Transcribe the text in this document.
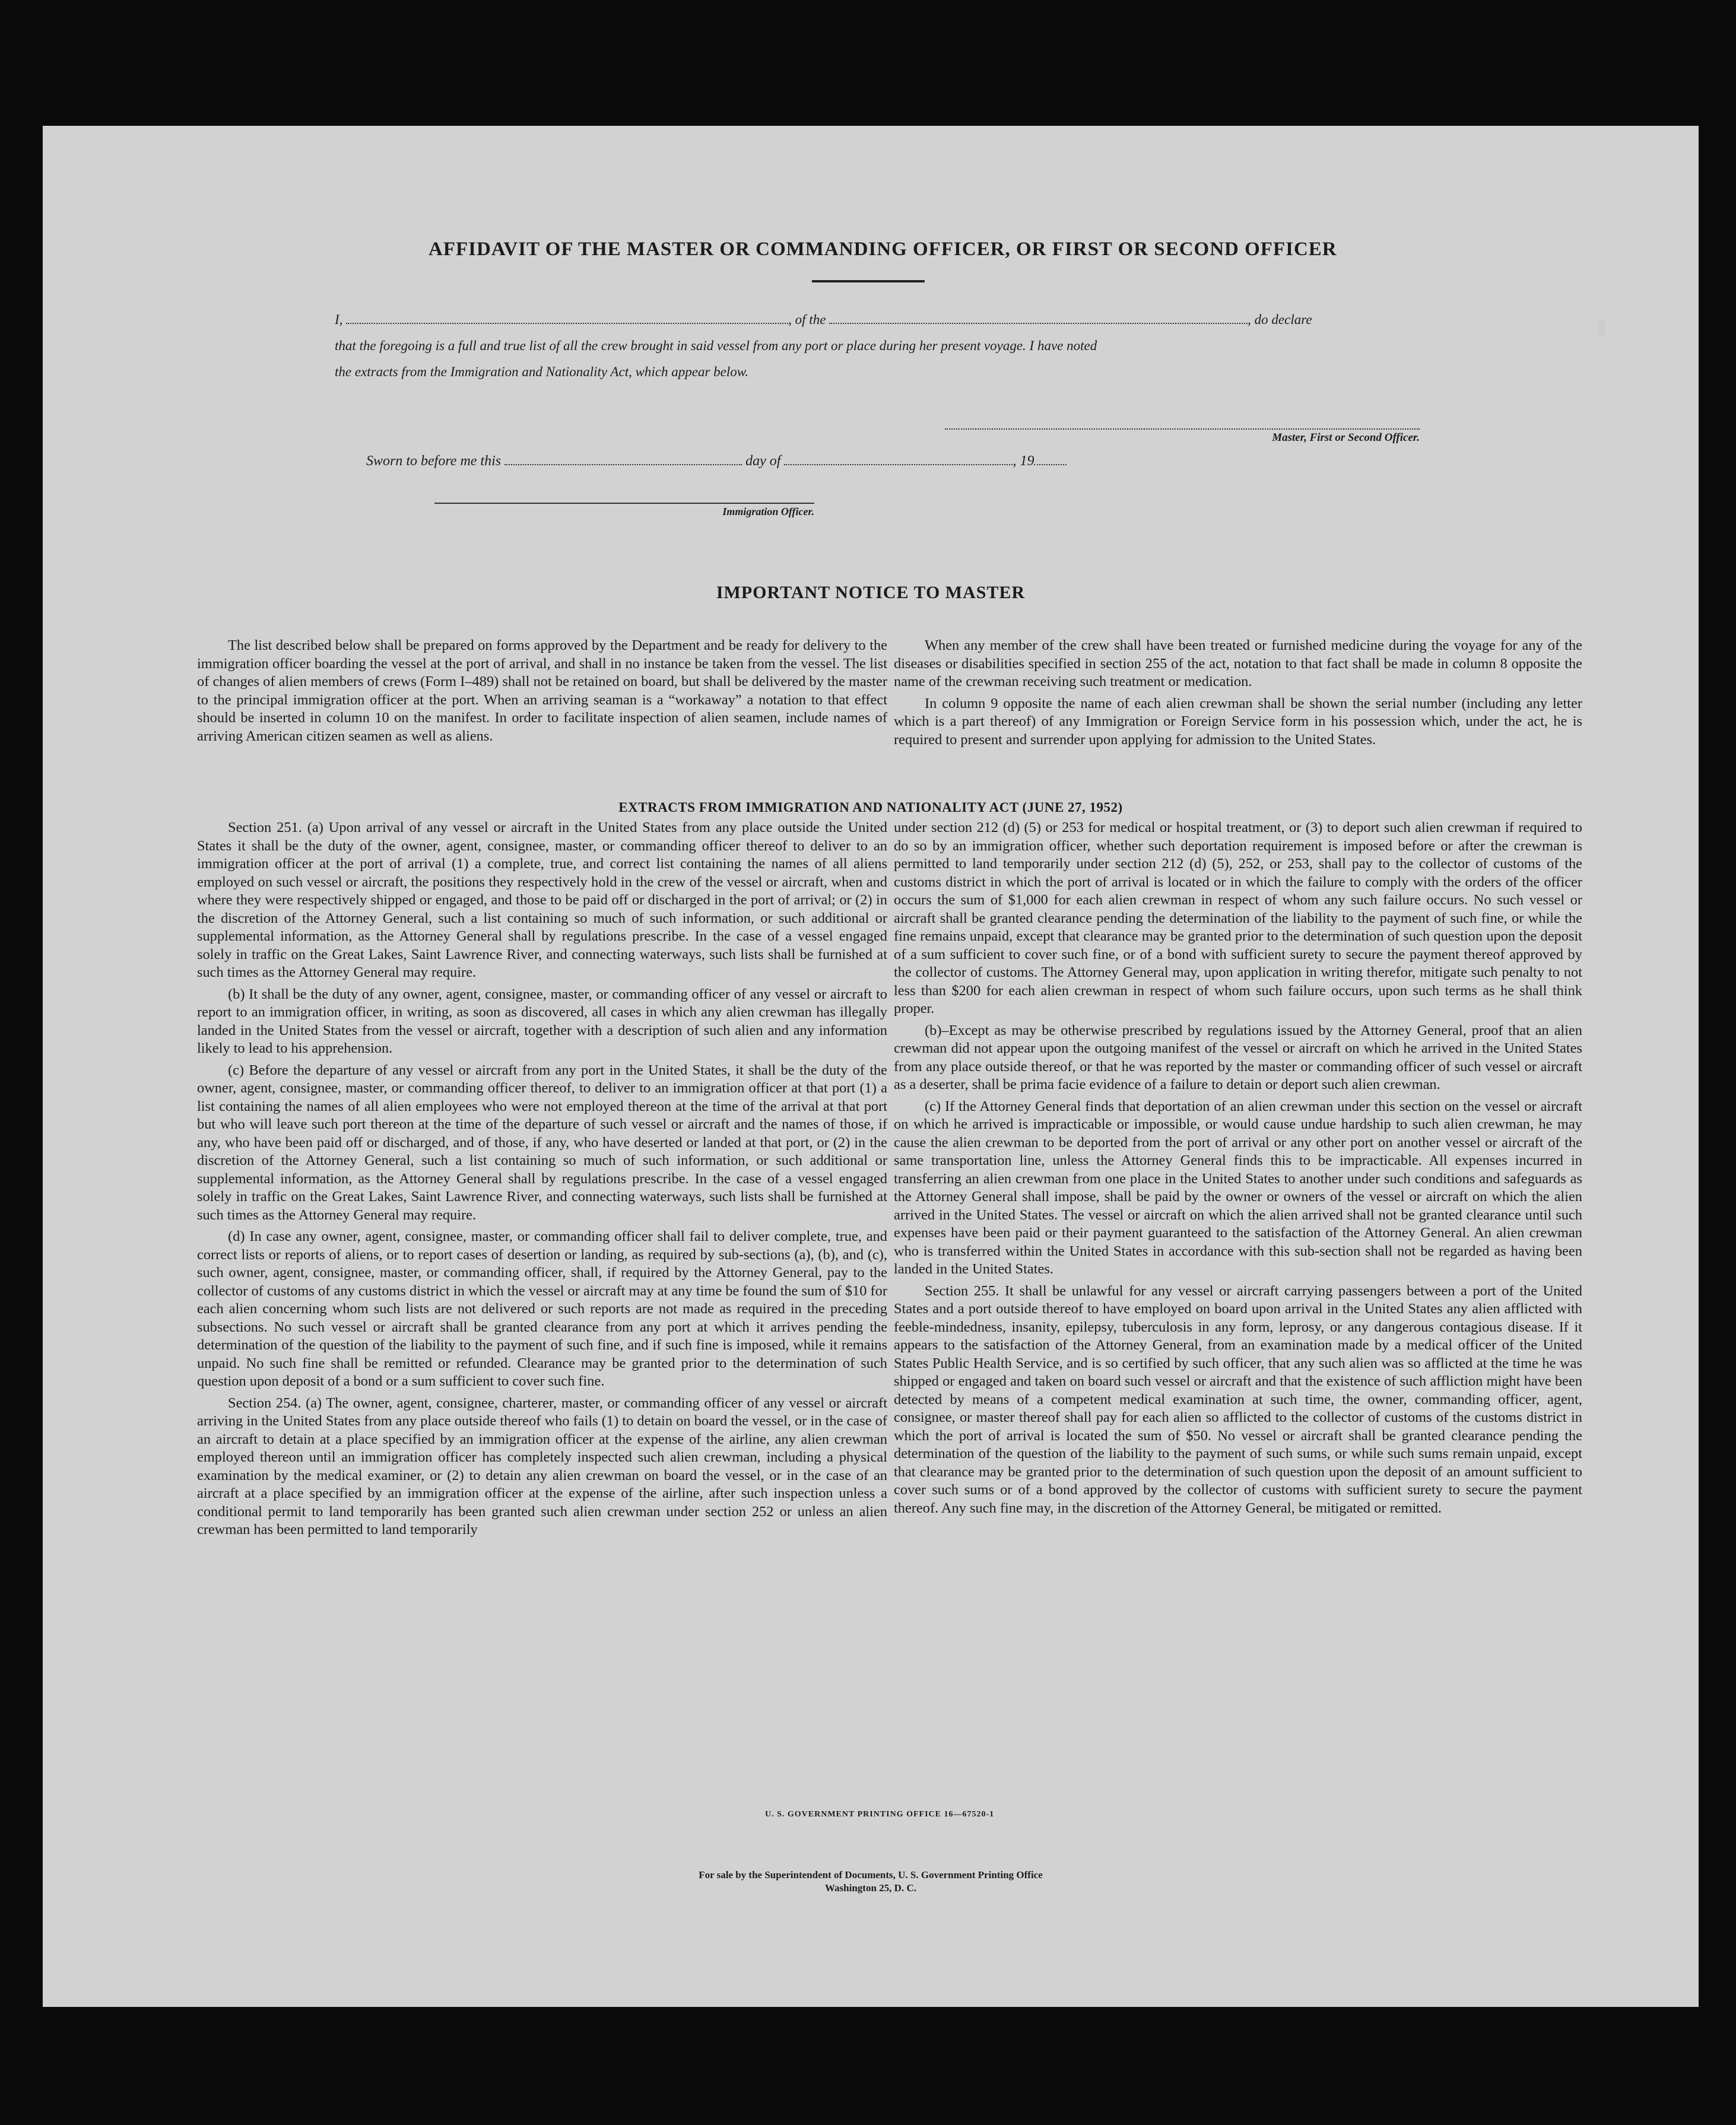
░
AFFIDAVIT OF THE MASTER OR COMMANDING OFFICER, OR FIRST OR SECOND OFFICER
I,	, of the	, do declare
that the foregoing is a full and true list of all the crew brought in said vessel from any port or place during her present voyage. I have noted
the extracts from the Immigration and Nationality Act, which appear below.
Master, First or Second Officer.
Sworn to before me this	day of	, 19
Immigration Officer.
IMPORTANT NOTICE TO MASTER

The list described below shall be prepared on forms approved by the Department and be ready for delivery to the immigration officer boarding the vessel at the port of arrival, and shall in no instance be taken from the vessel. The list of changes of alien members of crews (Form I–489) shall not be retained on board, but shall be delivered by the master to the principal immigration officer at the port. When an arriving seaman is a “workaway” a notation to that effect should be inserted in column 10 on the manifest. In order to facilitate inspection of alien seamen, include names of arriving American citizen seamen as well as aliens.

When any member of the crew shall have been treated or furnished medicine during the voyage for any of the diseases or disabilities specified in section 255 of the act, notation to that fact shall be made in column 8 opposite the name of the crewman receiving such treatment or medication.

In column 9 opposite the name of each alien crewman shall be shown the serial number (including any letter which is a part thereof) of any Immigration or Foreign Service form in his possession which, under the act, he is required to present and surrender upon applying for admission to the United States.

EXTRACTS FROM IMMIGRATION AND NATIONALITY ACT (JUNE 27, 1952)

Section 251. (a) Upon arrival of any vessel or aircraft in the United States from any place outside the United States it shall be the duty of the owner, agent, consignee, master, or commanding officer thereof to deliver to an immigration officer at the port of arrival (1) a complete, true, and correct list containing the names of all aliens employed on such vessel or aircraft, the positions they respectively hold in the crew of the vessel or aircraft, when and where they were respectively shipped or engaged, and those to be paid off or discharged in the port of arrival; or (2) in the discretion of the Attorney General, such a list containing so much of such information, or such additional or supplemental information, as the Attorney General shall by regulations prescribe. In the case of a vessel engaged solely in traffic on the Great Lakes, Saint Lawrence River, and connecting waterways, such lists shall be furnished at such times as the Attorney General may require.

(b) It shall be the duty of any owner, agent, consignee, master, or commanding officer of any vessel or aircraft to report to an immigration officer, in writing, as soon as discovered, all cases in which any alien crewman has illegally landed in the United States from the vessel or aircraft, together with a description of such alien and any information likely to lead to his apprehension.

(c) Before the departure of any vessel or aircraft from any port in the United States, it shall be the duty of the owner, agent, consignee, master, or commanding officer thereof, to deliver to an immigration officer at that port (1) a list containing the names of all alien employees who were not employed thereon at the time of the arrival at that port but who will leave such port thereon at the time of the departure of such vessel or aircraft and the names of those, if any, who have been paid off or discharged, and of those, if any, who have deserted or landed at that port, or (2) in the discretion of the Attorney General, such a list containing so much of such information, or such additional or supplemental information, as the Attorney General shall by regulations prescribe. In the case of a vessel engaged solely in traffic on the Great Lakes, Saint Lawrence River, and connecting waterways, such lists shall be furnished at such times as the Attorney General may require.

(d) In case any owner, agent, consignee, master, or commanding officer shall fail to deliver complete, true, and correct lists or reports of aliens, or to report cases of desertion or landing, as required by sub-sections (a), (b), and (c), such owner, agent, consignee, master, or commanding officer, shall, if required by the Attorney General, pay to the collector of customs of any customs district in which the vessel or aircraft may at any time be found the sum of $10 for each alien concerning whom such lists are not delivered or such reports are not made as required in the preceding subsections. No such vessel or aircraft shall be granted clearance from any port at which it arrives pending the determination of the question of the liability to the payment of such fine, and if such fine is imposed, while it remains unpaid. No such fine shall be remitted or refunded. Clearance may be granted prior to the determination of such question upon deposit of a bond or a sum sufficient to cover such fine.

Section 254. (a) The owner, agent, consignee, charterer, master, or commanding officer of any vessel or aircraft arriving in the United States from any place outside thereof who fails (1) to detain on board the vessel, or in the case of an aircraft to detain at a place specified by an immigration officer at the expense of the airline, any alien crewman employed thereon until an immigration officer has completely inspected such alien crewman, including a physical examination by the medical examiner, or (2) to detain any alien crewman on board the vessel, or in the case of an aircraft at a place specified by an immigration officer at the expense of the airline, after such inspection unless a conditional permit to land temporarily has been granted such alien crewman under section 252 or unless an alien crewman has been permitted to land temporarily

under section 212 (d) (5) or 253 for medical or hospital treatment, or (3) to deport such alien crewman if required to do so by an immigration officer, whether such deportation requirement is imposed before or after the crewman is permitted to land temporarily under section 212 (d) (5), 252, or 253, shall pay to the collector of customs of the customs district in which the port of arrival is located or in which the failure to comply with the orders of the officer occurs the sum of $1,000 for each alien crewman in respect of whom any such failure occurs. No such vessel or aircraft shall be granted clearance pending the determination of the liability to the payment of such fine, or while the fine remains unpaid, except that clearance may be granted prior to the determination of such question upon the deposit of a sum sufficient to cover such fine, or of a bond with sufficient surety to secure the payment thereof approved by the collector of customs. The Attorney General may, upon application in writing therefor, mitigate such penalty to not less than $200 for each alien crewman in respect of whom such failure occurs, upon such terms as he shall think proper.

(b)–Except as may be otherwise prescribed by regulations issued by the Attorney General, proof that an alien crewman did not appear upon the outgoing manifest of the vessel or aircraft on which he arrived in the United States from any place outside thereof, or that he was reported by the master or commanding officer of such vessel or aircraft as a deserter, shall be prima facie evidence of a failure to detain or deport such alien crewman.

(c) If the Attorney General finds that deportation of an alien crewman under this section on the vessel or aircraft on which he arrived is impracticable or impossible, or would cause undue hardship to such alien crewman, he may cause the alien crewman to be deported from the port of arrival or any other port on another vessel or aircraft of the same transportation line, unless the Attorney General finds this to be impracticable. All expenses incurred in transferring an alien crewman from one place in the United States to another under such conditions and safeguards as the Attorney General shall impose, shall be paid by the owner or owners of the vessel or aircraft on which the alien arrived in the United States. The vessel or aircraft on which the alien arrived shall not be granted clearance until such expenses have been paid or their payment guaranteed to the satisfaction of the Attorney General. An alien crewman who is transferred within the United States in accordance with this sub-section shall not be regarded as having been landed in the United States.

Section 255. It shall be unlawful for any vessel or aircraft carrying passengers between a port of the United States and a port outside thereof to have employed on board upon arrival in the United States any alien afflicted with feeble-mindedness, insanity, epilepsy, tuberculosis in any form, leprosy, or any dangerous contagious disease. If it appears to the satisfaction of the Attorney General, from an examination made by a medical officer of the United States Public Health Service, and is so certified by such officer, that any such alien was so afflicted at the time he was shipped or engaged and taken on board such vessel or aircraft and that the existence of such affliction might have been detected by means of a competent medical examination at such time, the owner, commanding officer, agent, consignee, or master thereof shall pay for each alien so afflicted to the collector of customs of the customs district in which the port of arrival is located the sum of $50. No vessel or aircraft shall be granted clearance pending the determination of the question of the liability to the payment of such sums, or while such sums remain unpaid, except that clearance may be granted prior to the determination of such question upon the deposit of an amount sufficient to cover such sums or of a bond approved by the collector of customs with sufficient surety to secure the payment thereof. Any such fine may, in the discretion of the Attorney General, be mitigated or remitted.

U. S. GOVERNMENT PRINTING OFFICE 16—67520-1
For sale by the Superintendent of Documents, U. S. Government Printing Office
Washington 25, D. C.
